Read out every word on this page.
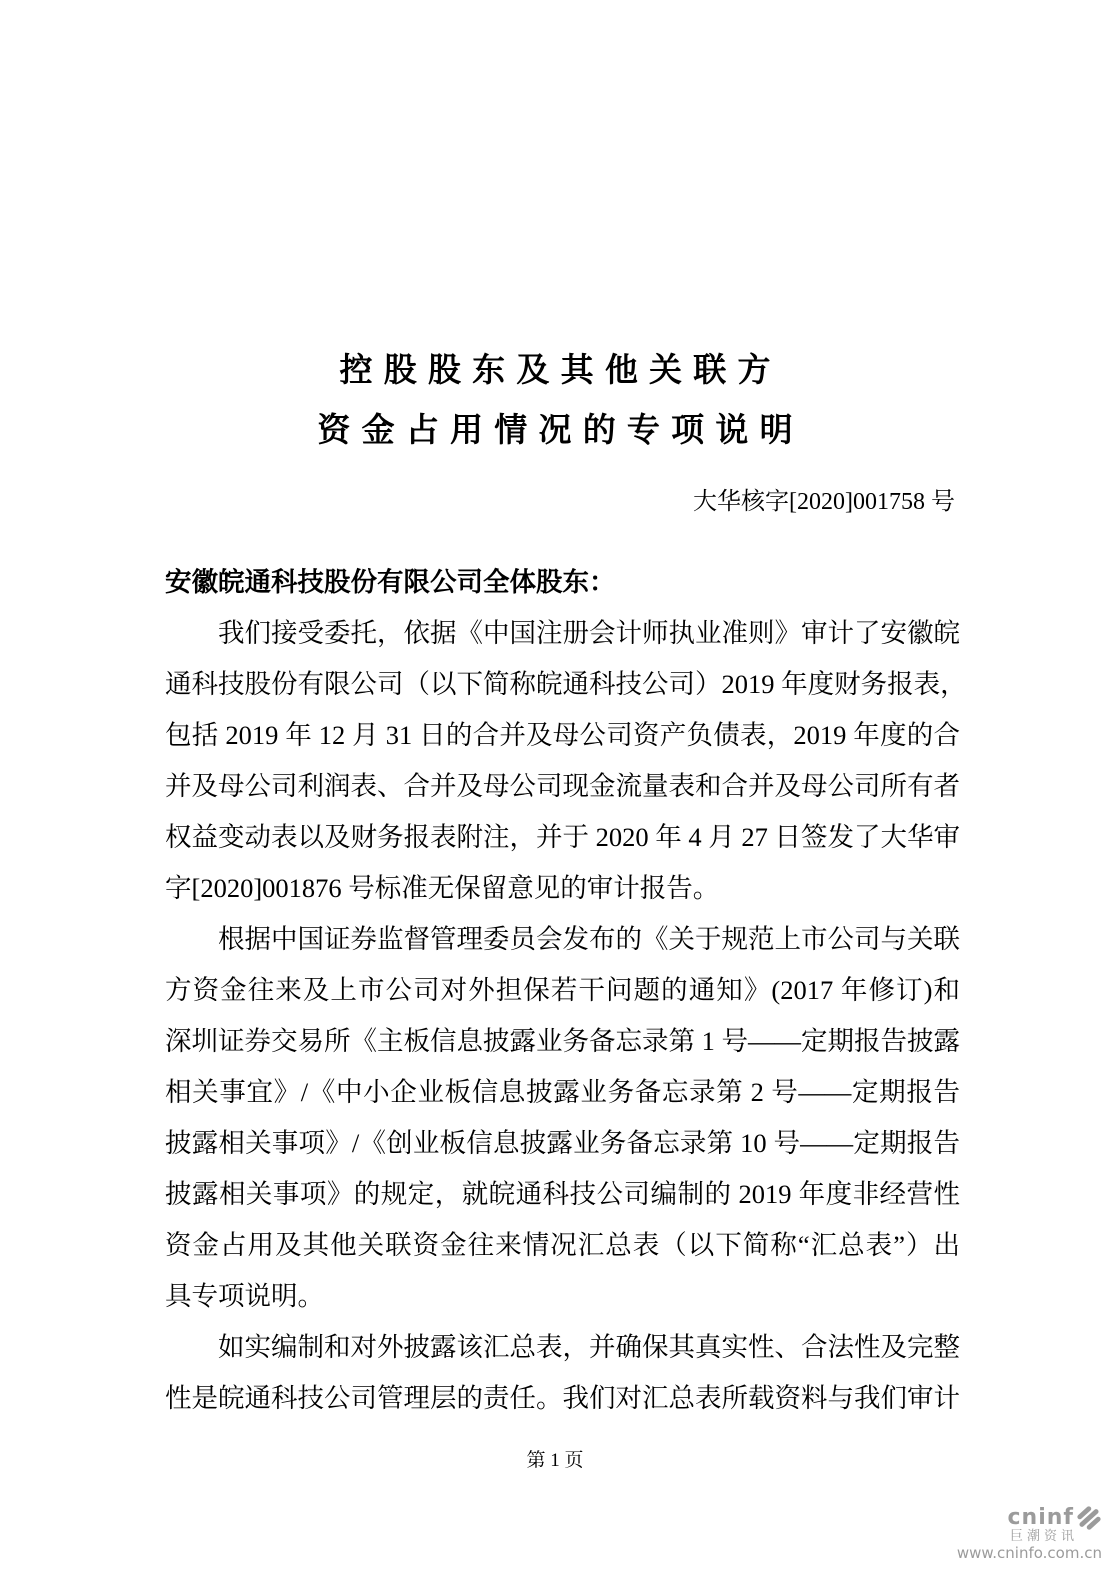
控股股东及其他关联方
资金占用情况的专项说明
大华核字[2020]001758 号
安徽皖通科技股份有限公司全体股东：
我们接受委托，依据《中国注册会计师执业准则》审计了安徽皖
通科技股份有限公司（以下简称皖通科技公司）2019 年度财务报表，
包括 2019 年 12 月 31 日的合并及母公司资产负债表，2019 年度的合
并及母公司利润表、合并及母公司现金流量表和合并及母公司所有者
权益变动表以及财务报表附注，并于 2020 年 4 月 27 日签发了大华审
字[2020]001876 号标准无保留意见的审计报告。
根据中国证券监督管理委员会发布的《关于规范上市公司与关联
方资金往来及上市公司对外担保若干问题的通知》(2017 年修订)和
深圳证券交易所《主板信息披露业务备忘录第 1 号——定期报告披露
相关事宜》/《中小企业板信息披露业务备忘录第 2 号——定期报告
披露相关事项》/《创业板信息披露业务备忘录第 10 号——定期报告
披露相关事项》的规定，就皖通科技公司编制的 2019 年度非经营性
资金占用及其他关联资金往来情况汇总表（以下简称“汇总表”）出
具专项说明。
如实编制和对外披露该汇总表，并确保其真实性、合法性及完整
性是皖通科技公司管理层的责任。我们对汇总表所载资料与我们审计
第 1 页
cninf
巨潮资讯
www.cninfo.com.cn
